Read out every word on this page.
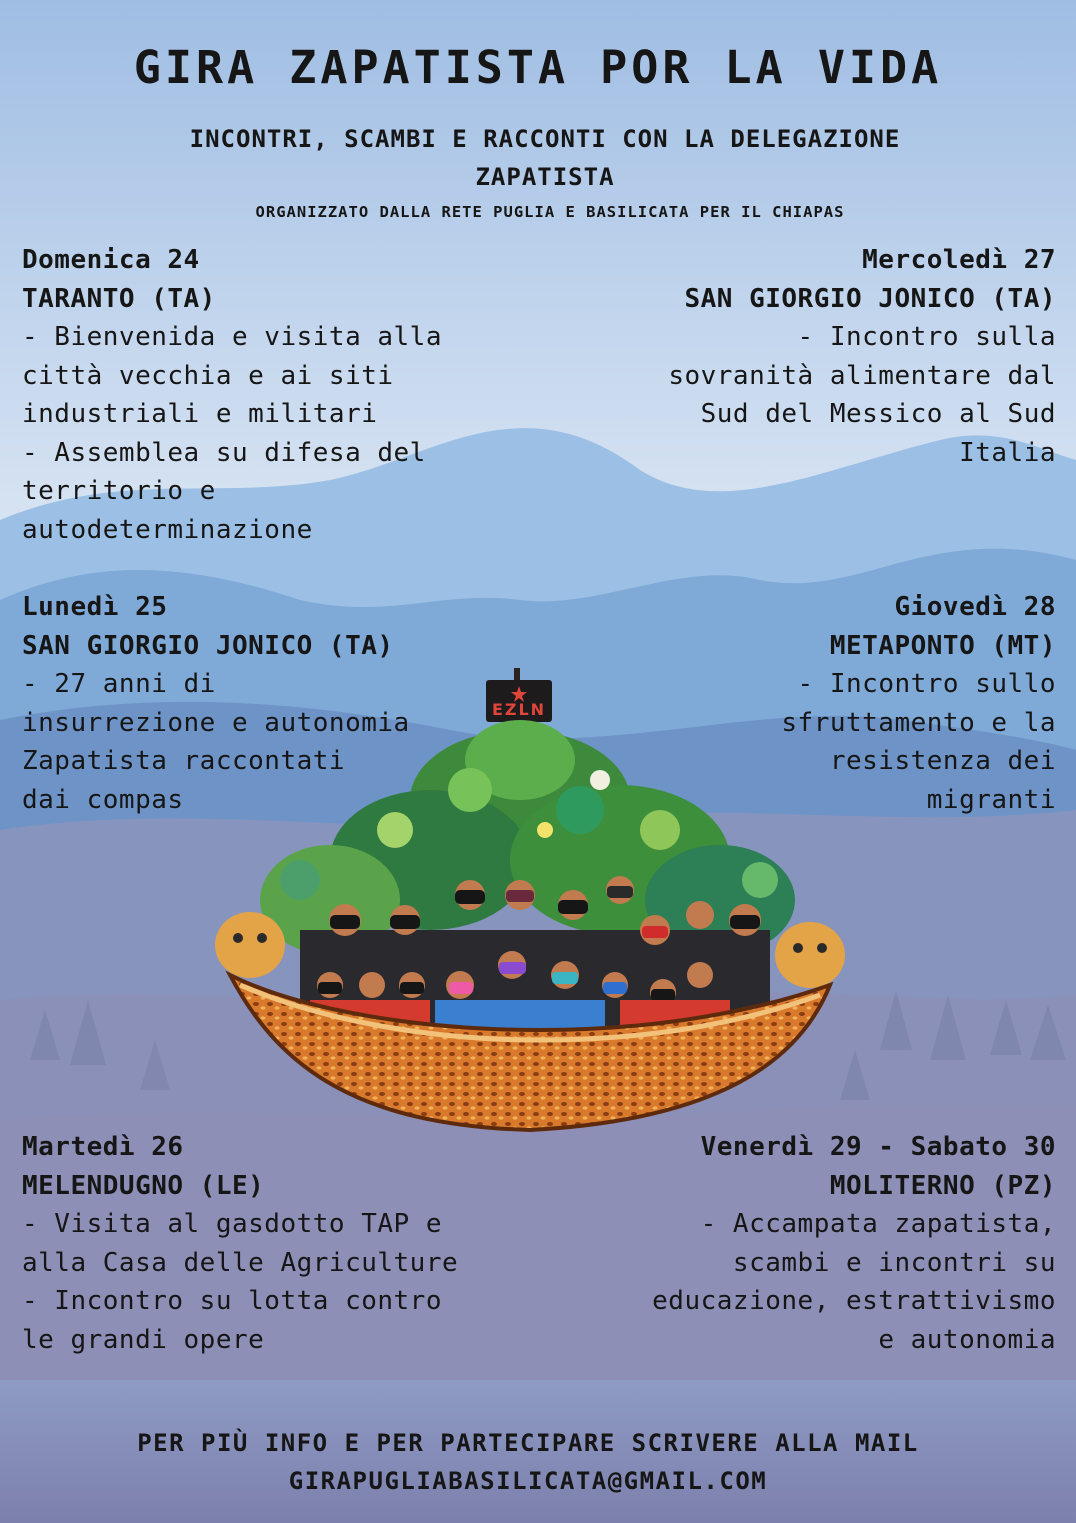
EZLN
GIRA ZAPATISTA POR LA VIDA
INCONTRI, SCAMBI E RACCONTI CON LA DELEGAZIONE
ZAPATISTA
ORGANIZZATO DALLA RETE PUGLIA E BASILICATA PER IL CHIAPAS
Domenica 24
TARANTO (TA)
- Bienvenida e visita alla
città vecchia e ai siti
industriali e militari
- Assemblea su difesa del
territorio e
autodeterminazione
Mercoledì 27
SAN GIORGIO JONICO (TA)
- Incontro sulla
sovranità alimentare dal
Sud del Messico al Sud
Italia
Lunedì 25
SAN GIORGIO JONICO (TA)
- 27 anni di
insurrezione e autonomia
Zapatista raccontati
dai compas
Giovedì 28
METAPONTO (MT)
- Incontro sullo
sfruttamento e la
resistenza dei
migranti
Martedì 26
MELENDUGNO (LE)
- Visita al gasdotto TAP e
alla Casa delle Agriculture
- Incontro su lotta contro
le grandi opere
Venerdì 29 - Sabato 30
MOLITERNO (PZ)
- Accampata zapatista,
scambi e incontri su
educazione, estrattivismo
e autonomia
PER PIÙ INFO E PER PARTECIPARE SCRIVERE ALLA MAIL
GIRAPUGLIABASILICATA@GMAIL.COM
